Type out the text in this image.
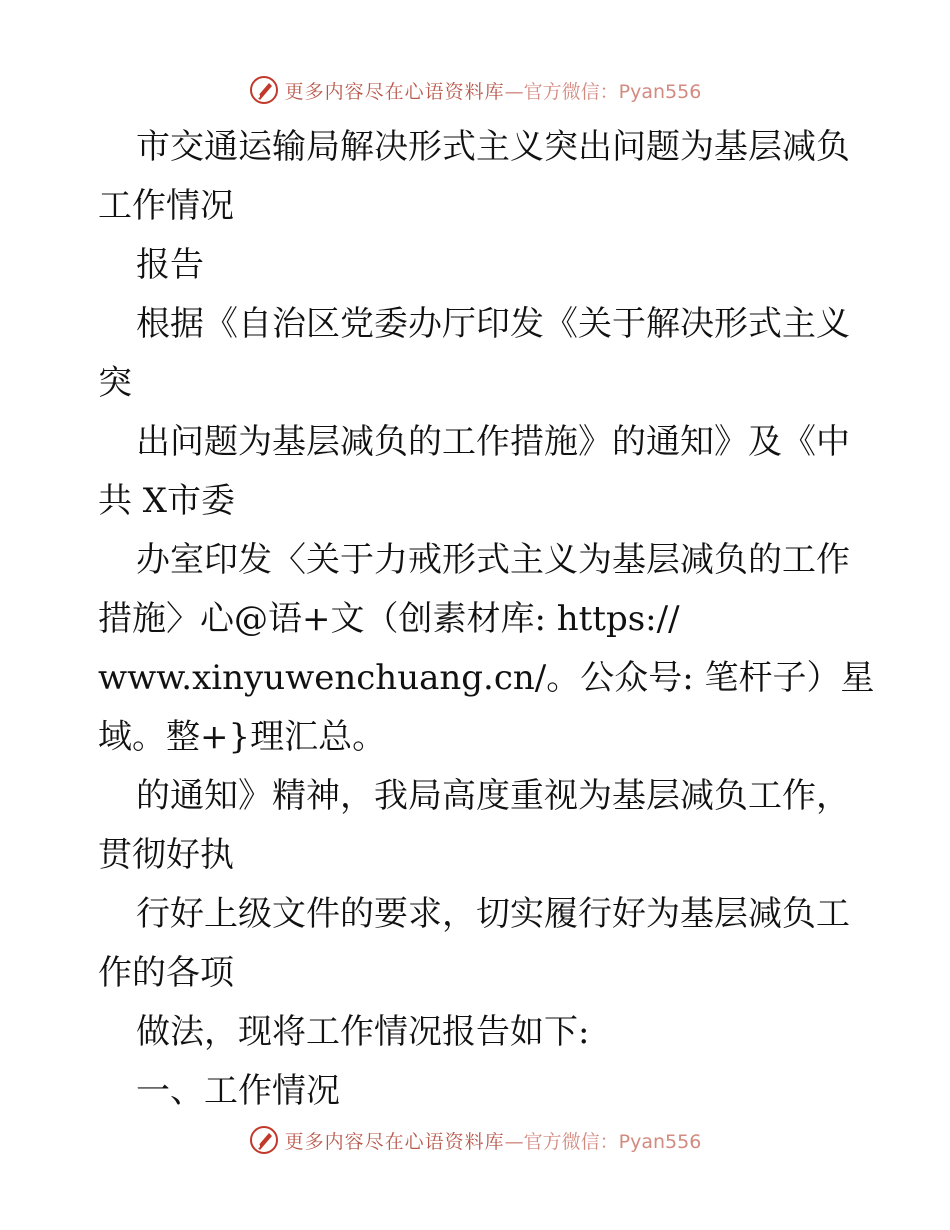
更多内容尽在心语资料库 —官方微信：Pyan556

市交通运输局解决形式主义突出问题为基层减负

工作情况

报告

根据《自治区党委办厅印发《关于解决形式主义

突

出问题为基层减负的工作措施》的通知》及《中

共 X市委

办室印发〈关于力戒形式主义为基层减负的工作

措施〉心@语+文（创素材库: https://

www.xinyuwenchuang.cn/。公众号: 笔杆子）星

域。整+}理汇总。

的通知》精神，我局高度重视为基层减负工作，

贯彻好执

行好上级文件的要求，切实履行好为基层减负工

作的各项

做法，现将工作情况报告如下:

一、工作情况

更多内容尽在心语资料库 —官方微信：Pyan556
